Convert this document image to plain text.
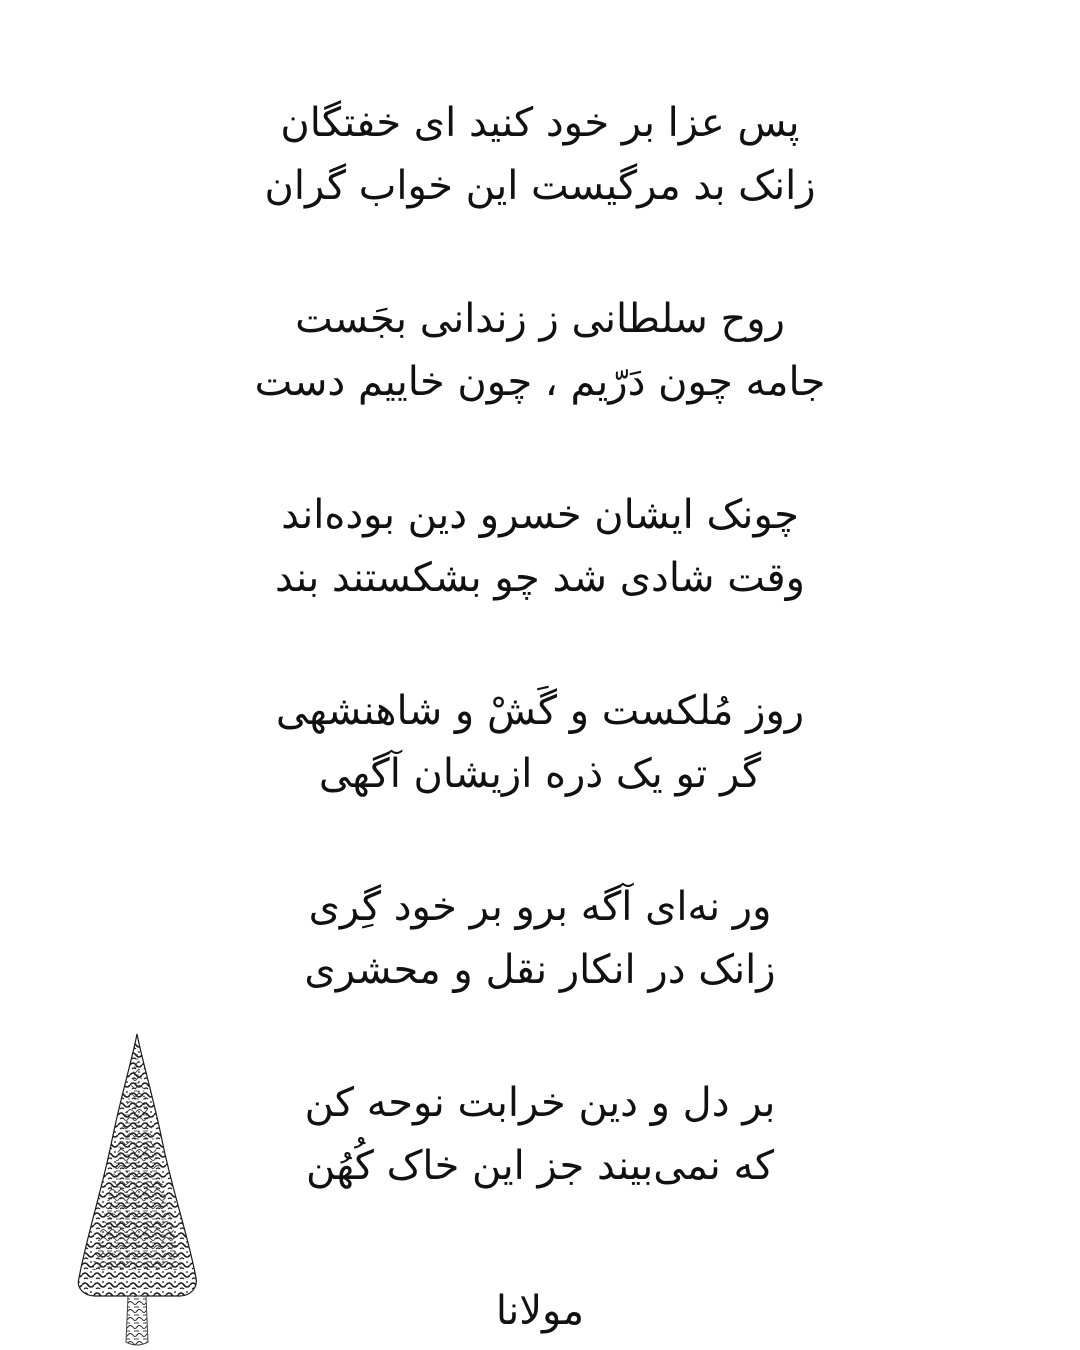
پس عزا بر خود کنید ای خفتگان
زانک بد مرگیست این خواب گران
روح سلطانی ز زندانی بجَست
جامه چون دَرّیم ، چون خاییم دست
چونک ایشان خسرو دین بوده‌اند
وقت شادی شد چو بشکستند بند
روز مُلکست و گَشْ و شاهنشهی
گر تو یک ذره ازیشان آگهی
ور نه‌ای آگه برو بر خود گِری
زانک در انکار نقل و محشری
بر دل و دین خرابت نوحه کن
که نمی‌بیند جز این خاک کُهُن
مولانا
